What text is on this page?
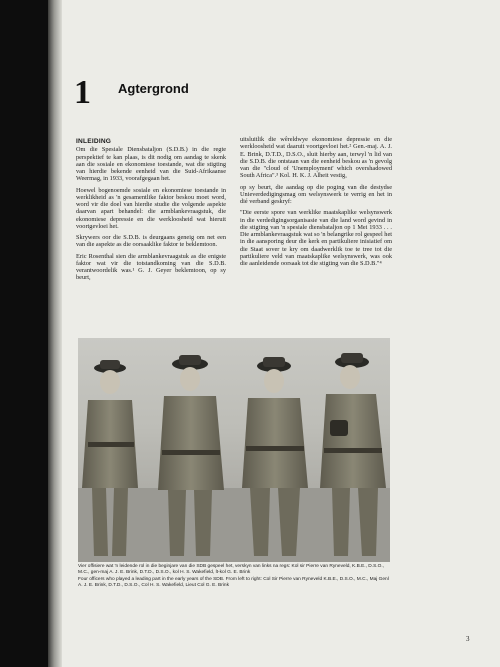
1 Agtergrond
INLEIDING

Om die Spesiale Diensbataljon (S.D.B.) in die regte perspektief te kan plaas, is dit nodig om aandag te skenk aan die sosiale en ekonomiese toestande, wat die stigting van hierdie bekende eenheid van die Suid-Afrikaanse Weermag, in 1933, voorafgegaan het.

Hoewel bogenoemde sosiale en ekonomiese toestande in werklikheid as 'n gesamentlike faktor beskou moet word, word vir die doel van hierdie studie die volgende aspekte daarvan apart behandel: die armblankevraagstuk, die ekonomiese depressie en die werkloosheid wat hieruit voortgevloei het.

Skrywers oor die S.D.B. is deurgaans geneig om net een van die aspekte as die oorsaaklike faktor te beklemtoon.

Eric Rosenthal sien die armblankevraagstuk as die enigste faktor wat vir die totstandkoming van die S.D.B. verantwoordelik was.¹ G. J. Geyer beklemtoon, op sy beurt,

uitsluitlik die wêreldwye ekonomiese depressie en die werkloosheid wat daaruit voortgevloei het.² Gen.-maj. A. J. E. Brink, D.T.D., D.S.O., sluit hierby aan, terwyl 'n lid van die S.D.B. die ontstaan van die eenheid beskou as 'n gevolg van die "cloud of 'Unemployment' which overshadowed South Africa".³ Kol. H. K. J. Alheit vestig,

op sy beurt, die aandag op die poging van die destydse Unieverdedigingsmag om welsynswerk te verrig en het in dié verband geskryf:

"Die eerste spore van werklike maatskaplike welsynswerk in die verdedigingsorganisasie van die land word gevind in die stigting van 'n spesiale diensbataljon op 1 Mei 1933 . . . Die armblankevraagstuk wat so 'n belangrike rol gespeel het in die aansporing deur die kerk en partikuliere inisiatief om die Staat sover te kry om daadwerklik toe te tree tot die partikuliere veld van maatskaplike welsynswerk, was ook die aanleidende oorsaak tot die stigting van die S.D.B."⁴

Vier offisiere wat 'n leidende rol in die beginjare van die SDB gespeel het, verskyn van links na regs: Kol sir Pierre van Ryneveld, K.B.E., D.S.O., M.C., gen-maj A. J. E. Brink, D.T.D., D.S.O., kol H. S. Wakefield, lt-kol G. E. Brink

Four officers who played a leading part in the early years of the SDB. From left to right: Col Sir Pierre van Ryneveld K.B.E., D.S.O., M.C., Maj Genl A. J. E. Brink, D.T.D., D.S.O., Col H. S. Wakefield, Lieut Col G. E. Brink

3
